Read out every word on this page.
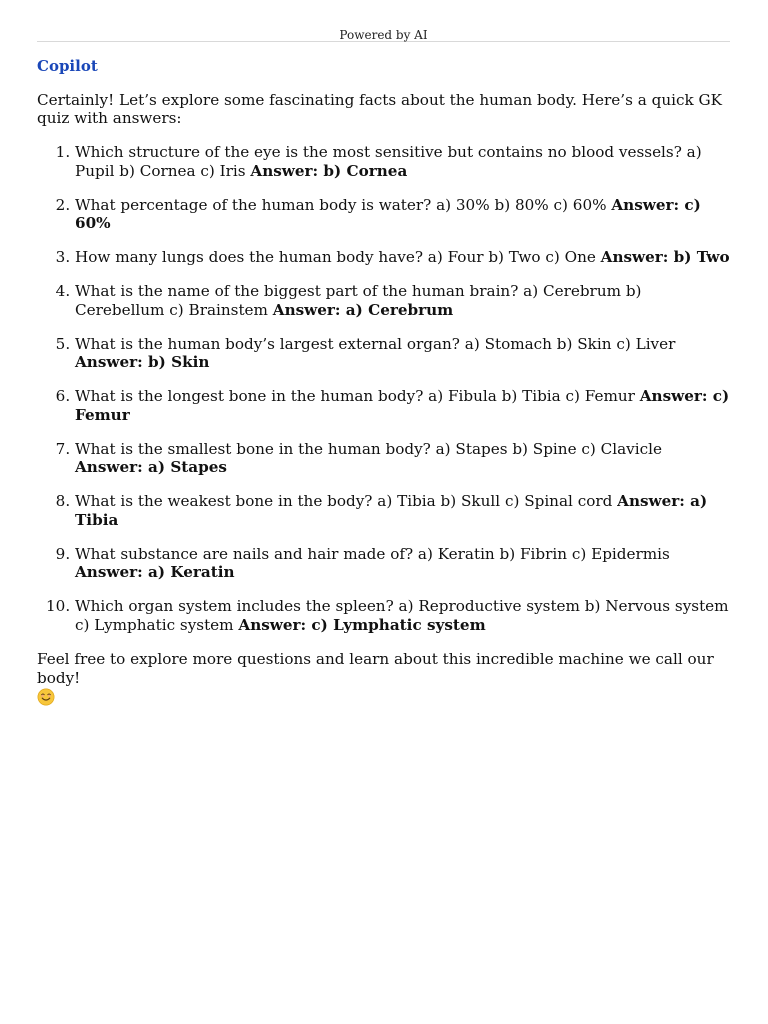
Powered by AI
Copilot

Certainly! Let’s explore some fascinating facts about the human body. Here’s a quick GK quiz with answers:

1. Which structure of the eye is the most sensitive but contains no blood vessels? a) Pupil b) Cornea c) Iris Answer: b) Cornea
2. What percentage of the human body is water? a) 30% b) 80% c) 60% Answer: c) 60%
3. How many lungs does the human body have? a) Four b) Two c) One Answer: b) Two
4. What is the name of the biggest part of the human brain? a) Cerebrum b) Cerebellum c) Brainstem Answer: a) Cerebrum
5. What is the human body’s largest external organ? a) Stomach b) Skin c) Liver Answer: b) Skin
6. What is the longest bone in the human body? a) Fibula b) Tibia c) Femur Answer: c) Femur
7. What is the smallest bone in the human body? a) Stapes b) Spine c) Clavicle Answer: a) Stapes
8. What is the weakest bone in the body? a) Tibia b) Skull c) Spinal cord Answer: a) Tibia
9. What substance are nails and hair made of? a) Keratin b) Fibrin c) Epidermis Answer: a) Keratin
10. Which organ system includes the spleen? a) Reproductive system b) Nervous system c) Lymphatic system Answer: c) Lymphatic system

Feel free to explore more questions and learn about this incredible machine we call our body!
